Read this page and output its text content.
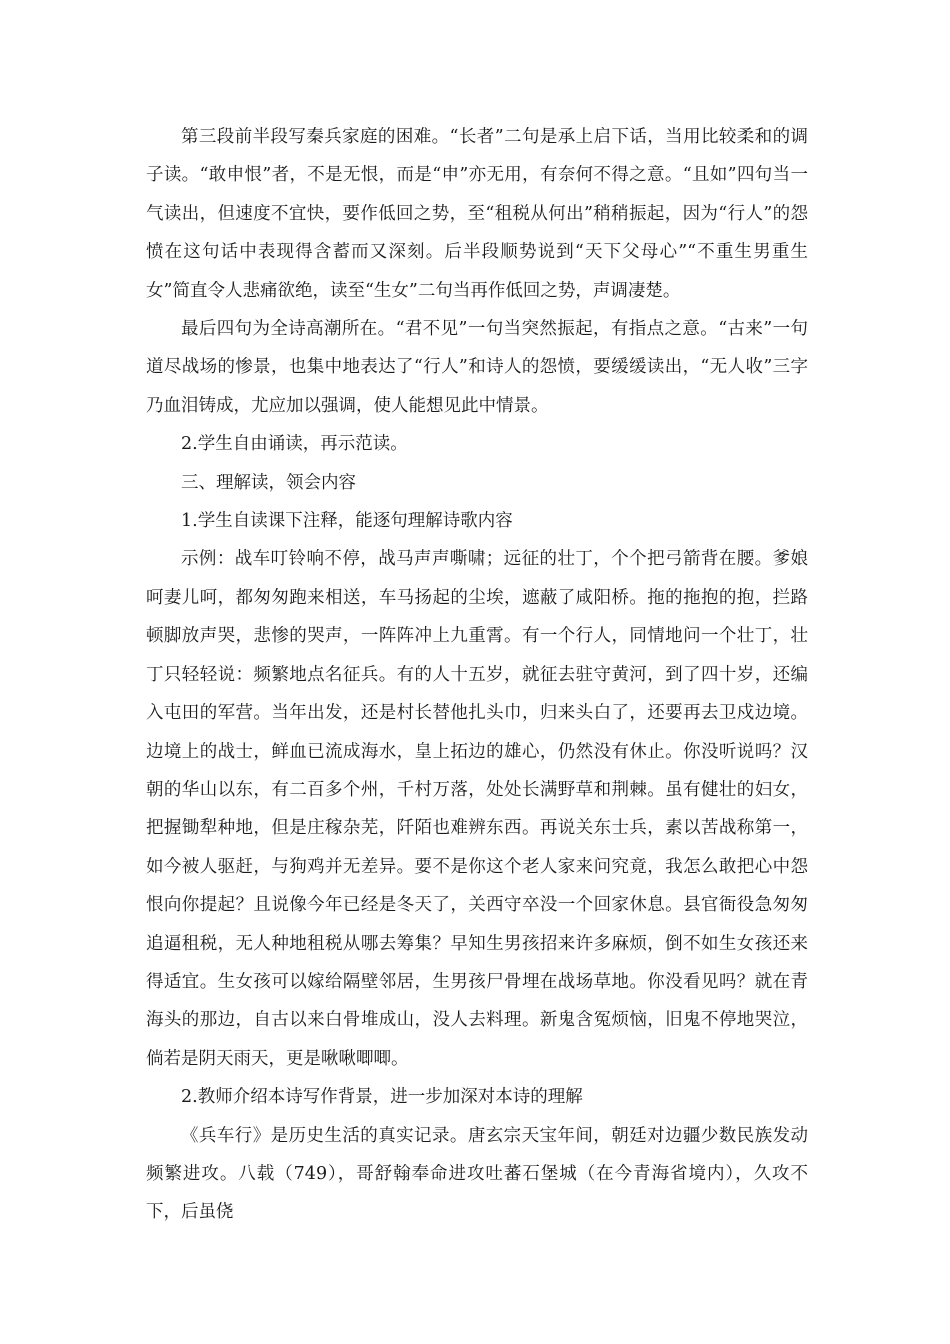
第三段前半段写秦兵家庭的困难。“长者”二句是承上启下话，当用比较柔和的调子读。“敢申恨”者，不是无恨，而是“申”亦无用，有奈何不得之意。“且如”四句当一气读出，但速度不宜快，要作低回之势，至“租税从何出”稍稍振起，因为“行人”的怨愤在这句话中表现得含蓄而又深刻。后半段顺势说到“天下父母心”“不重生男重生女”简直令人悲痛欲绝，读至“生女”二句当再作低回之势，声调凄楚。

最后四句为全诗高潮所在。“君不见”一句当突然振起，有指点之意。“古来”一句道尽战场的惨景，也集中地表达了“行人”和诗人的怨愤，要缓缓读出，“无人收”三字乃血泪铸成，尤应加以强调，使人能想见此中情景。

2.学生自由诵读，再示范读。

三、理解读，领会内容

1.学生自读课下注释，能逐句理解诗歌内容

示例：战车叮铃响不停，战马声声嘶啸；远征的壮丁，个个把弓箭背在腰。爹娘呵妻儿呵，都匆匆跑来相送，车马扬起的尘埃，遮蔽了咸阳桥。拖的拖抱的抱，拦路顿脚放声哭，悲惨的哭声，一阵阵冲上九重霄。有一个行人，同情地问一个壮丁，壮丁只轻轻说：频繁地点名征兵。有的人十五岁，就征去驻守黄河，到了四十岁，还编入屯田的军营。当年出发，还是村长替他扎头巾，归来头白了，还要再去卫戍边境。边境上的战士，鲜血已流成海水，皇上拓边的雄心，仍然没有休止。你没听说吗？汉朝的华山以东，有二百多个州，千村万落，处处长满野草和荆棘。虽有健壮的妇女，把握锄犁种地，但是庄稼杂芜，阡陌也难辨东西。再说关东士兵，素以苦战称第一，如今被人驱赶，与狗鸡并无差异。要不是你这个老人家来问究竟，我怎么敢把心中怨恨向你提起？且说像今年已经是冬天了，关西守卒没一个回家休息。县官衙役急匆匆追逼租税，无人种地租税从哪去筹集？早知生男孩招来许多麻烦，倒不如生女孩还来得适宜。生女孩可以嫁给隔壁邻居，生男孩尸骨埋在战场草地。你没看见吗？就在青海头的那边，自古以来白骨堆成山，没人去料理。新鬼含冤烦恼，旧鬼不停地哭泣，倘若是阴天雨天，更是啾啾唧唧。

2.教师介绍本诗写作背景，进一步加深对本诗的理解

《兵车行》是历史生活的真实记录。唐玄宗天宝年间，朝廷对边疆少数民族发动频繁进攻。八载（749），哥舒翰奉命进攻吐蕃石堡城（在今青海省境内），久攻不下，后虽侥
